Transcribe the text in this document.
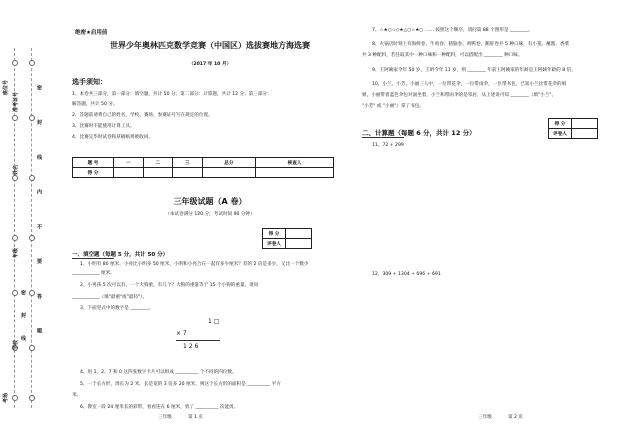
准考证号
姓名
年级
学校
考场
座位号	密 封 线 内 不 要 答 题
密 封 线
绝密★启用前
世界少年奥林匹克数学竞赛（中国区）选拔赛地方海选赛
（2017 年 10 月）
选手须知：
1、本卷共三部分，第一部分：填空题，共计 50 分；第二部分：计算题，共计 12 分；第三部分：
解答题，共计 50 分。
2、答题前请将自己的姓名、学校、赛场、参赛证号写在规定的位置。
3、比赛时不能使用计算工具。
4、比赛完毕时试卷和草稿纸将被收回。
题 号	一	二	三	总分	核查人
得 分					
三年级试题（A 卷）
（本试卷满分 120 分，考试时间 90 分钟）
得 分	
评卷人	
一、填空题（每题 5 分，共计 50 分）
1、小明有 80 厘米，小亮比小明多 50 厘米，小明和小亮合在一起有多少厘米？差的 2 倍是多少，又比一个数少
____________ 厘米。
2、小男孩 5 次可以有，一个大狗重，有几个？大狗的重量等于 15 个小狗的重量，请问
____________（填"最重"或"最轻"）。
3、下面竖式中的数字是 ________。
1 □
× 7
1 2 6
4、用 1、2、7 和 0 这四张数字卡片可以组成 __________ 个不同的四位数。
5、一个长方形，周长为 2 米，长是宽的 3 倍多 20 厘米，则这个长方形的面积是 __________ 平方
米。
6、教室一段 24 厘米长的彩带，看看连在 6 厘米，剪了 __________ 次能剪。
三年级	第 1 页
7、☆★○☆◇★△○☆★○ …… 按照这个顺序，请问第 88 个图形是 ________。
8、火锅店时刻上有海鲜卷、牛肉卷、猪脑卷、鸡鸭卷、鹅肝卷共 5 种口味，有小笼、蘸酱、香菜
共 3 种配料，若任取其中一种口味和一种配料，可以搭配出 ________ 种口味。
9、王阿姨家今年 50 岁，王奶今年 11 岁，则 ________ 年前王阿姨家的年龄是王阿姨年龄的 8 倍。
10、小兰、小芳、小丽三人中，一位带花伞，一位带雨伞，一位带书包，已知小兰比带花伞的姐
姐，小丽带着蓝色伞包对面坐着，小兰和带雨伞的是邻居，从上述说可知 ________（填"小兰"、
"小芳" 或 "小丽"）拿了书包。
得 分	
评卷人	
二、计算题（每题 6 分，共计 12 分）
11、72 + 299
12、309 + 1304 + 696 + 691
三年级	第 2 页
